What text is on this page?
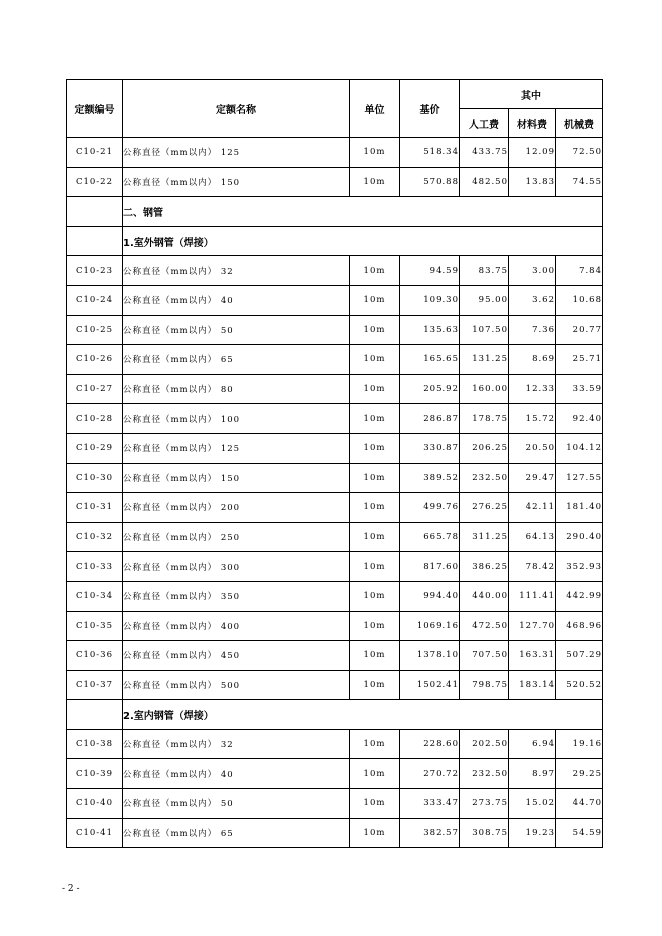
定额编号	定额名称	单位	基价	其中		
				人工费	材料费	机械费
C10-21	公称直径（mm以内） 125	10m	518.34	433.75	12.09	72.50
C10-22	公称直径（mm以内） 150	10m	570.88	482.50	13.83	74.55
	二、钢管					
	1.室外钢管（焊接）					
C10-23	公称直径（mm以内） 32	10m	94.59	83.75	3.00	7.84
C10-24	公称直径（mm以内） 40	10m	109.30	95.00	3.62	10.68
C10-25	公称直径（mm以内） 50	10m	135.63	107.50	7.36	20.77
C10-26	公称直径（mm以内） 65	10m	165.65	131.25	8.69	25.71
C10-27	公称直径（mm以内） 80	10m	205.92	160.00	12.33	33.59
C10-28	公称直径（mm以内） 100	10m	286.87	178.75	15.72	92.40
C10-29	公称直径（mm以内） 125	10m	330.87	206.25	20.50	104.12
C10-30	公称直径（mm以内） 150	10m	389.52	232.50	29.47	127.55
C10-31	公称直径（mm以内） 200	10m	499.76	276.25	42.11	181.40
C10-32	公称直径（mm以内） 250	10m	665.78	311.25	64.13	290.40
C10-33	公称直径（mm以内） 300	10m	817.60	386.25	78.42	352.93
C10-34	公称直径（mm以内） 350	10m	994.40	440.00	111.41	442.99
C10-35	公称直径（mm以内） 400	10m	1069.16	472.50	127.70	468.96
C10-36	公称直径（mm以内） 450	10m	1378.10	707.50	163.31	507.29
C10-37	公称直径（mm以内） 500	10m	1502.41	798.75	183.14	520.52
	2.室内钢管（焊接）					
C10-38	公称直径（mm以内） 32	10m	228.60	202.50	6.94	19.16
C10-39	公称直径（mm以内） 40	10m	270.72	232.50	8.97	29.25
C10-40	公称直径（mm以内） 50	10m	333.47	273.75	15.02	44.70
C10-41	公称直径（mm以内） 65	10m	382.57	308.75	19.23	54.59
- 2 -
